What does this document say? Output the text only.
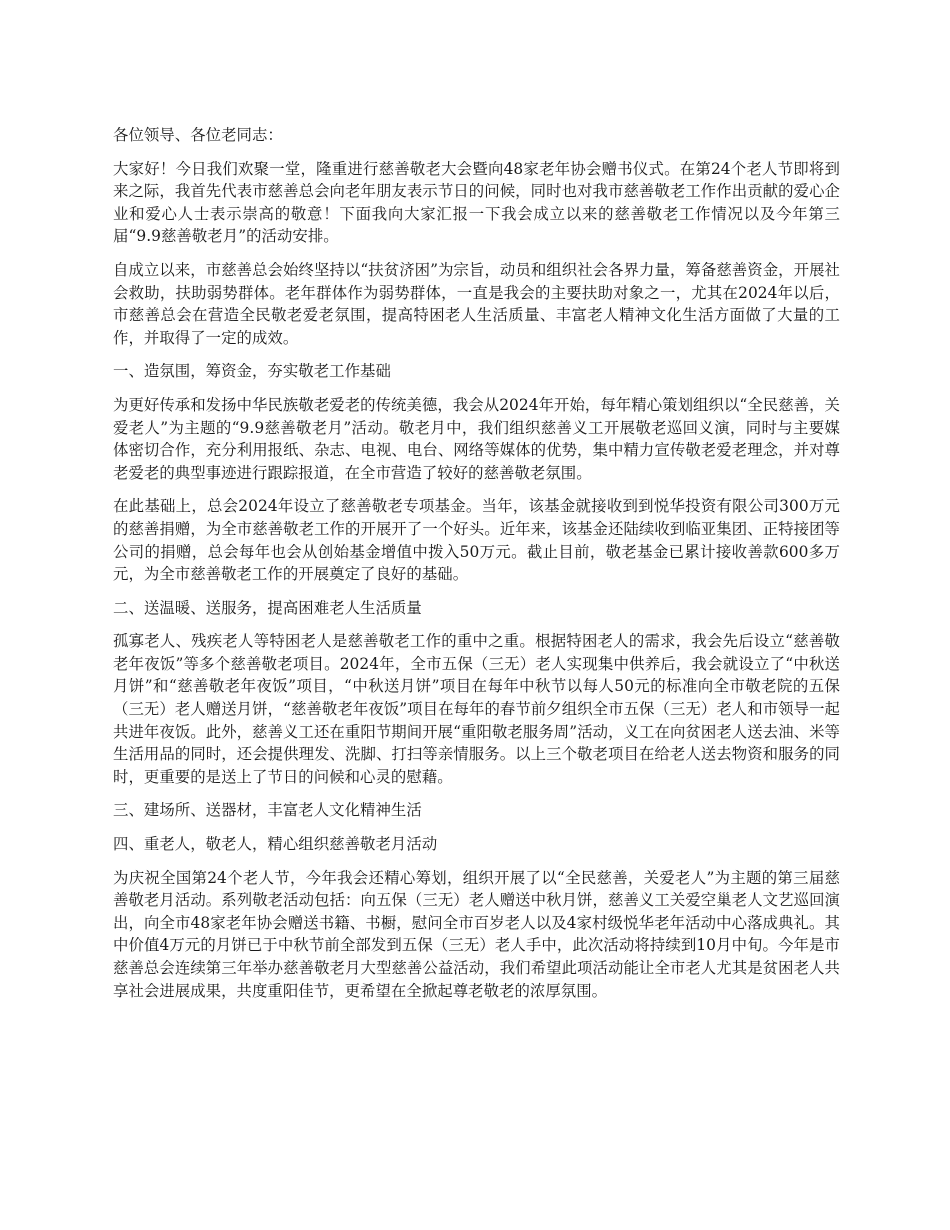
各位领导、各位老同志：

大家好！今日我们欢聚一堂，隆重进行慈善敬老大会暨向48家老年协会赠书仪式。在第24个老人节即将到来之际，我首先代表市慈善总会向老年朋友表示节日的问候，同时也对我市慈善敬老工作作出贡献的爱心企业和爱心人士表示崇高的敬意！下面我向大家汇报一下我会成立以来的慈善敬老工作情况以及今年第三届“9.9慈善敬老月”的活动安排。

自成立以来，市慈善总会始终坚持以“扶贫济困”为宗旨，动员和组织社会各界力量，筹备慈善资金，开展社会救助，扶助弱势群体。老年群体作为弱势群体，一直是我会的主要扶助对象之一，尤其在2024年以后，市慈善总会在营造全民敬老爱老氛围，提高特困老人生活质量、丰富老人精神文化生活方面做了大量的工作，并取得了一定的成效。

一、造氛围，筹资金，夯实敬老工作基础

为更好传承和发扬中华民族敬老爱老的传统美德，我会从2024年开始，每年精心策划组织以“全民慈善，关爱老人”为主题的“9.9慈善敬老月”活动。敬老月中，我们组织慈善义工开展敬老巡回义演，同时与主要媒体密切合作，充分利用报纸、杂志、电视、电台、网络等媒体的优势，集中精力宣传敬老爱老理念，并对尊老爱老的典型事迹进行跟踪报道，在全市营造了较好的慈善敬老氛围。

在此基础上，总会2024年设立了慈善敬老专项基金。当年，该基金就接收到到悦华投资有限公司300万元的慈善捐赠，为全市慈善敬老工作的开展开了一个好头。近年来，该基金还陆续收到临亚集团、正特接团等公司的捐赠，总会每年也会从创始基金增值中拨入50万元。截止目前，敬老基金已累计接收善款600多万元，为全市慈善敬老工作的开展奠定了良好的基础。

二、送温暖、送服务，提高困难老人生活质量

孤寡老人、残疾老人等特困老人是慈善敬老工作的重中之重。根据特困老人的需求，我会先后设立“慈善敬老年夜饭”等多个慈善敬老项目。2024年，全市五保（三无）老人实现集中供养后，我会就设立了“中秋送月饼”和“慈善敬老年夜饭”项目，“中秋送月饼”项目在每年中秋节以每人50元的标准向全市敬老院的五保（三无）老人赠送月饼，“慈善敬老年夜饭”项目在每年的春节前夕组织全市五保（三无）老人和市领导一起共进年夜饭。此外，慈善义工还在重阳节期间开展“重阳敬老服务周”活动，义工在向贫困老人送去油、米等生活用品的同时，还会提供理发、洗脚、打扫等亲情服务。以上三个敬老项目在给老人送去物资和服务的同时，更重要的是送上了节日的问候和心灵的慰藉。

三、建场所、送器材，丰富老人文化精神生活

四、重老人，敬老人，精心组织慈善敬老月活动

为庆祝全国第24个老人节，今年我会还精心筹划，组织开展了以“全民慈善，关爱老人”为主题的第三届慈善敬老月活动。系列敬老活动包括：向五保（三无）老人赠送中秋月饼，慈善义工关爱空巢老人文艺巡回演出，向全市48家老年协会赠送书籍、书橱，慰问全市百岁老人以及4家村级悦华老年活动中心落成典礼。其中价值4万元的月饼已于中秋节前全部发到五保（三无）老人手中，此次活动将持续到10月中旬。今年是市慈善总会连续第三年举办慈善敬老月大型慈善公益活动，我们希望此项活动能让全市老人尤其是贫困老人共享社会进展成果，共度重阳佳节，更希望在全掀起尊老敬老的浓厚氛围。
